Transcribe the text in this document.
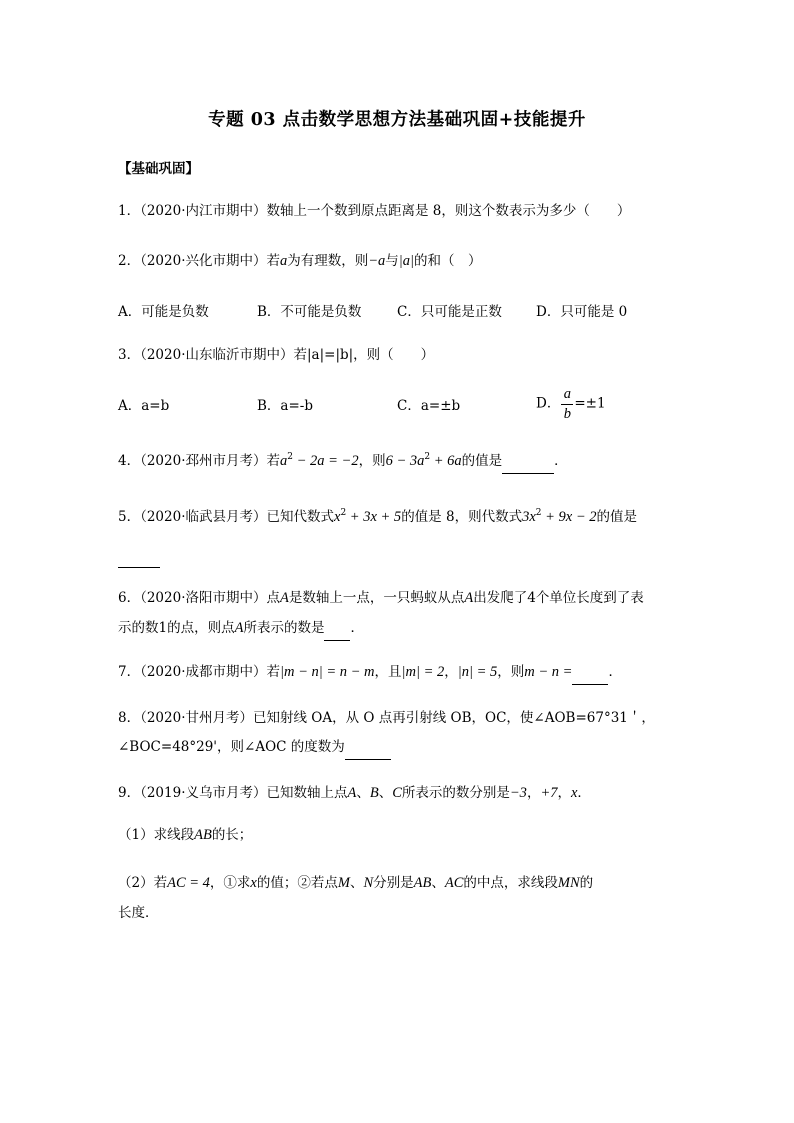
专题 03 点击数学思想方法基础巩固+技能提升
【基础巩固】
1．（2020·内江市期中）数轴上一个数到原点距离是 8，则这个数表示为多少（　　）
2．（2020·兴化市期中）若a为有理数，则−a与|a|的和（　）
A．可能是负数	B．不可能是负数	C．只可能是正数	D．只可能是 0
3．（2020·山东临沂市期中）若|a|=|b|，则（　　）
A．a=b	B．a=-b	C．a=±b	D． $\frac{a}{b} =\pm 1$
4．（2020·邳州市月考）若$a^2 - 2a = -2$，则$6 - 3a^2 + 6a$的值是	．
5．（2020·临武县月考）已知代数式$x^2 + 3x + 5$的值是 8，则代数式$3x^2 + 9x - 2$的值是

6．（2020·洛阳市期中）点A是数轴上一点，一只蚂蚁从点A出发爬了4个单位长度到了表
示的数1的点，则点A所表示的数是 ．
7．（2020·成都市期中）若|m − n| = n − m，且|m| = 2，|n| = 5，则m − n =	．
8．（2020·甘州月考）已知射线 OA，从 O 点再引射线 OB，OC，使∠AOB=67°31＇，
∠BOC=48°29'，则∠AOC 的度数为
9．（2019·义乌市月考）已知数轴上点A、B、C所表示的数分别是−3，+7，x．
（1）求线段AB的长；
（2）若AC = 4，①求x的值；②若点M、N分别是AB、AC的中点，求线段MN的
长度．
